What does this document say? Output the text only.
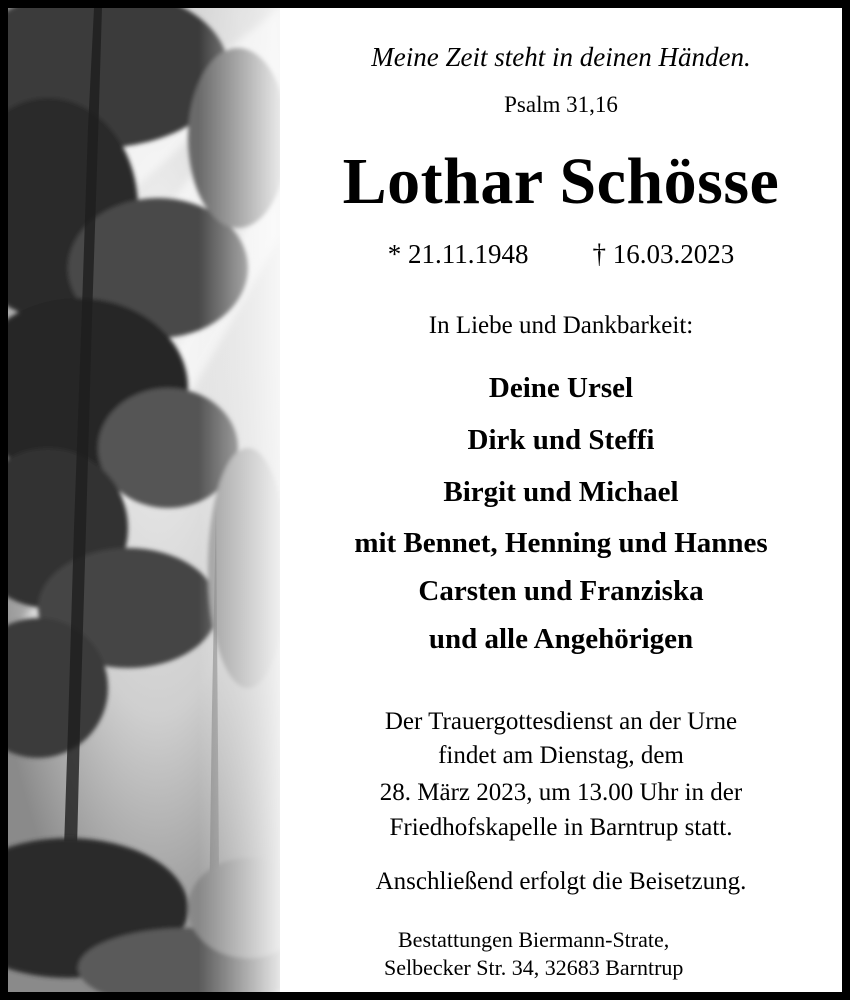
Meine Zeit steht in deinen Händen.
Psalm 31,16
Lothar Schösse
* 21.11.1948 † 16.03.2023
In Liebe und Dankbarkeit:
Deine Ursel
Dirk und Steffi
Birgit und Michael
mit Bennet, Henning und Hannes
Carsten und Franziska
und alle Angehörigen
Der Trauergottesdienst an der Urne
findet am Dienstag, dem
28. März 2023, um 13.00 Uhr in der
Friedhofskapelle in Barntrup statt.
Anschließend erfolgt die Beisetzung.
Bestattungen Biermann-Strate,
Selbecker Str. 34, 32683 Barntrup
